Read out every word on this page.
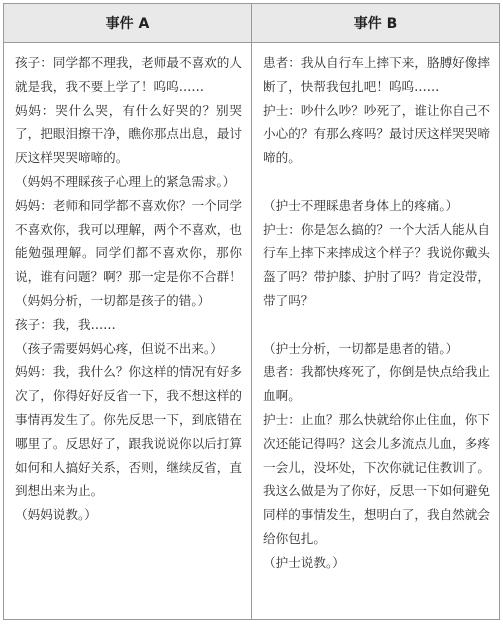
事件 A	事件 B
孩子：同学都不理我，老师最不喜欢的人就是我，我不要上学了！呜呜……
妈妈：哭什么哭，有什么好哭的？别哭了，把眼泪擦干净，瞧你那点出息，最讨厌这样哭哭啼啼的。
（妈妈不理睬孩子心理上的紧急需求。）
妈妈：老师和同学都不喜欢你？一个同学不喜欢你，我可以理解，两个不喜欢，也能勉强理解。同学们都不喜欢你，那你说，谁有问题？啊？那一定是你不合群！
（妈妈分析，一切都是孩子的错。）
孩子：我，我……
（孩子需要妈妈心疼，但说不出来。）
妈妈：我，我什么？你这样的情况有好多次了，你得好好反省一下，我不想这样的事情再发生了。你先反思一下，到底错在哪里了。反思好了，跟我说说你以后打算如何和人搞好关系，否则，继续反省，直到想出来为止。
（妈妈说教。）
患者：我从自行车上摔下来，胳膊好像摔断了，快帮我包扎吧！呜呜……
护士：吵什么吵？吵死了，谁让你自己不小心的？有那么疼吗？最讨厌这样哭哭啼啼的。
（护士不理睬患者身体上的疼痛。）
护士：你是怎么搞的？一个大活人能从自行车上摔下来摔成这个样子？我说你戴头盔了吗？带护膝、护肘了吗？肯定没带，带了吗？
（护士分析，一切都是患者的错。）
患者：我都快疼死了，你倒是快点给我止血啊。
护士：止血？那么快就给你止住血，你下次还能记得吗？这会儿多流点儿血，多疼一会儿，没坏处，下次你就记住教训了。我这么做是为了你好，反思一下如何避免同样的事情发生，想明白了，我自然就会给你包扎。
（护士说教。）
